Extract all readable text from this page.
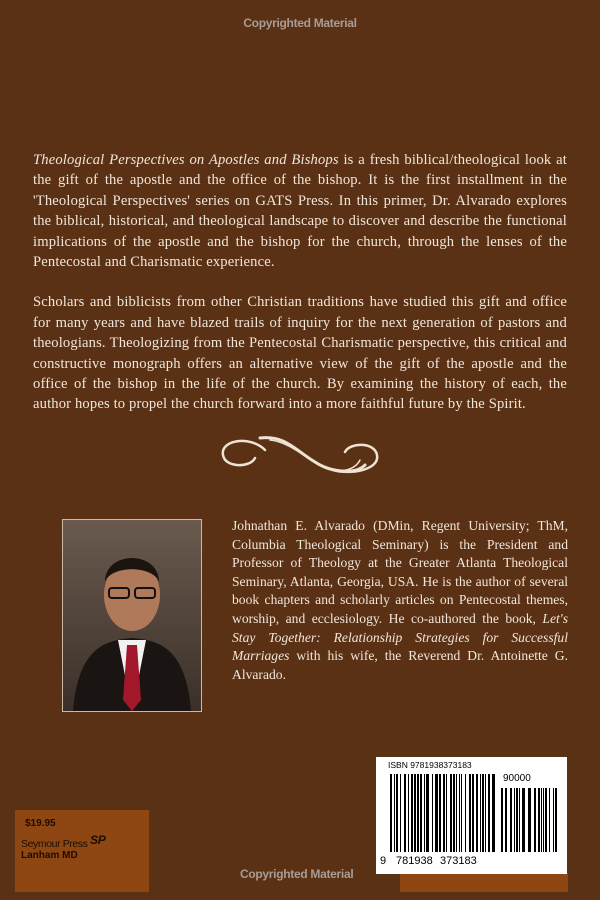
Copyrighted Material
Theological Perspectives on Apostles and Bishops is a fresh biblical/theological look at the gift of the apostle and the office of the bishop. It is the first installment in the 'Theological Perspectives' series on GATS Press. In this primer, Dr. Alvarado explores the biblical, historical, and theological landscape to discover and describe the functional implications of the apostle and the bishop for the church, through the lenses of the Pentecostal and Charismatic experience.
Scholars and biblicists from other Christian traditions have studied this gift and office for many years and have blazed trails of inquiry for the next generation of pastors and theologians. Theologizing from the Pentecostal Charismatic perspective, this critical and constructive monograph offers an alternative view of the gift of the apostle and the office of the bishop in the life of the church. By examining the history of each, the author hopes to propel the church forward into a more faithful future by the Spirit.
Johnathan E. Alvarado (DMin, Regent University; ThM, Columbia Theological Seminary) is the President and Professor of Theology at the Greater Atlanta Theological Seminary, Atlanta, Georgia, USA. He is the author of several book chapters and scholarly articles on Pentecostal themes, worship, and ecclesiology. He co-authored the book, Let's Stay Together: Relationship Strategies for Successful Marriages with his wife, the Reverend Dr. Antoinette G. Alvarado.
$19.95
Seymour Press SP
Lanham MD
Copyrighted Material
ISBN 9781938373183
90000
9 781938 373183
